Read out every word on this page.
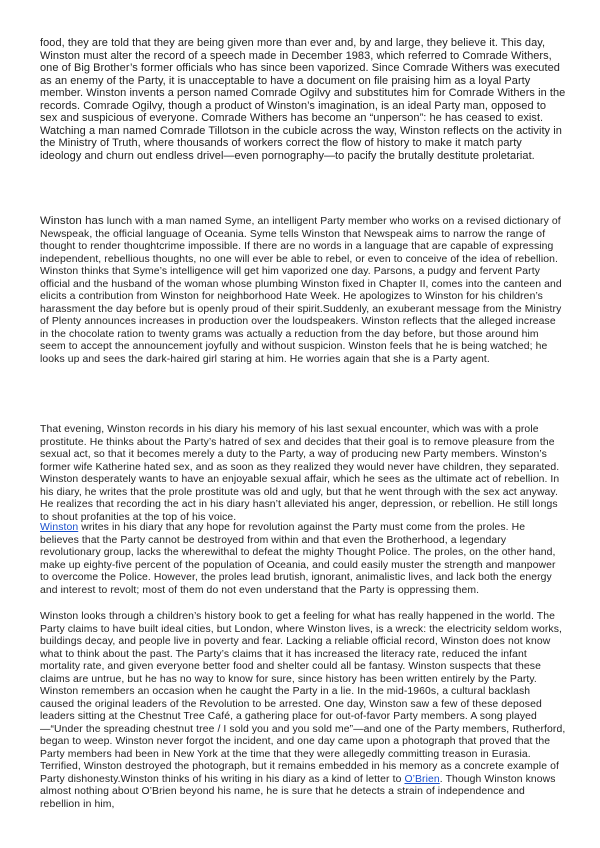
food, they are told that they are being given more than ever and, by and large, they believe it. This day, Winston must alter the record of a speech made in December 1983, which referred to Comrade Withers, one of Big Brother’s former officials who has since been vaporized. Since Comrade Withers was executed as an enemy of the Party, it is unacceptable to have a document on file praising him as a loyal Party member. Winston invents a person named Comrade Ogilvy and substitutes him for Comrade Withers in the records. Comrade Ogilvy, though a product of Winston’s imagination, is an ideal Party man, opposed to sex and suspicious of everyone. Comrade Withers has become an “unperson”: he has ceased to exist. Watching a man named Comrade Tillotson in the cubicle across the way, Winston reflects on the activity in the Ministry of Truth, where thousands of workers correct the flow of history to make it match party ideology and churn out endless drivel—even pornography—to pacify the brutally destitute proletariat.

Winston has lunch with a man named Syme, an intelligent Party member who works on a revised dictionary of Newspeak, the official language of Oceania. Syme tells Winston that Newspeak aims to narrow the range of thought to render thoughtcrime impossible. If there are no words in a language that are capable of expressing independent, rebellious thoughts, no one will ever be able to rebel, or even to conceive of the idea of rebellion. Winston thinks that Syme’s intelligence will get him vaporized one day. Parsons, a pudgy and fervent Party official and the husband of the woman whose plumbing Winston fixed in Chapter II, comes into the canteen and elicits a contribution from Winston for neighborhood Hate Week. He apologizes to Winston for his children’s harassment the day before but is openly proud of their spirit.Suddenly, an exuberant message from the Ministry of Plenty announces increases in production over the loudspeakers. Winston reflects that the alleged increase in the chocolate ration to twenty grams was actually a reduction from the day before, but those around him seem to accept the announcement joyfully and without suspicion. Winston feels that he is being watched; he looks up and sees the dark-haired girl staring at him. He worries again that she is a Party agent.

That evening, Winston records in his diary his memory of his last sexual encounter, which was with a prole prostitute. He thinks about the Party’s hatred of sex and decides that their goal is to remove pleasure from the sexual act, so that it becomes merely a duty to the Party, a way of producing new Party members. Winston’s former wife Katherine hated sex, and as soon as they realized they would never have children, they separated. Winston desperately wants to have an enjoyable sexual affair, which he sees as the ultimate act of rebellion. In his diary, he writes that the prole prostitute was old and ugly, but that he went through with the sex act anyway. He realizes that recording the act in his diary hasn’t alleviated his anger, depression, or rebellion. He still longs to shout profanities at the top of his voice.

Winston writes in his diary that any hope for revolution against the Party must come from the proles. He believes that the Party cannot be destroyed from within and that even the Brotherhood, a legendary revolutionary group, lacks the wherewithal to defeat the mighty Thought Police. The proles, on the other hand, make up eighty-five percent of the population of Oceania, and could easily muster the strength and manpower to overcome the Police. However, the proles lead brutish, ignorant, animalistic lives, and lack both the energy and interest to revolt; most of them do not even understand that the Party is oppressing them.

Winston looks through a children’s history book to get a feeling for what has really happened in the world. The Party claims to have built ideal cities, but London, where Winston lives, is a wreck: the electricity seldom works, buildings decay, and people live in poverty and fear. Lacking a reliable official record, Winston does not know what to think about the past. The Party’s claims that it has increased the literacy rate, reduced the infant mortality rate, and given everyone better food and shelter could all be fantasy. Winston suspects that these claims are untrue, but he has no way to know for sure, since history has been written entirely by the Party. Winston remembers an occasion when he caught the Party in a lie. In the mid-1960s, a cultural backlash caused the original leaders of the Revolution to be arrested. One day, Winston saw a few of these deposed leaders sitting at the Chestnut Tree Café, a gathering place for out-of-favor Party members. A song played—“Under the spreading chestnut tree / I sold you and you sold me”—and one of the Party members, Rutherford, began to weep. Winston never forgot the incident, and one day came upon a photograph that proved that the Party members had been in New York at the time that they were allegedly committing treason in Eurasia. Terrified, Winston destroyed the photograph, but it remains embedded in his memory as a concrete example of Party dishonesty.Winston thinks of his writing in his diary as a kind of letter to O’Brien. Though Winston knows almost nothing about O’Brien beyond his name, he is sure that he detects a strain of independence and rebellion in him,
